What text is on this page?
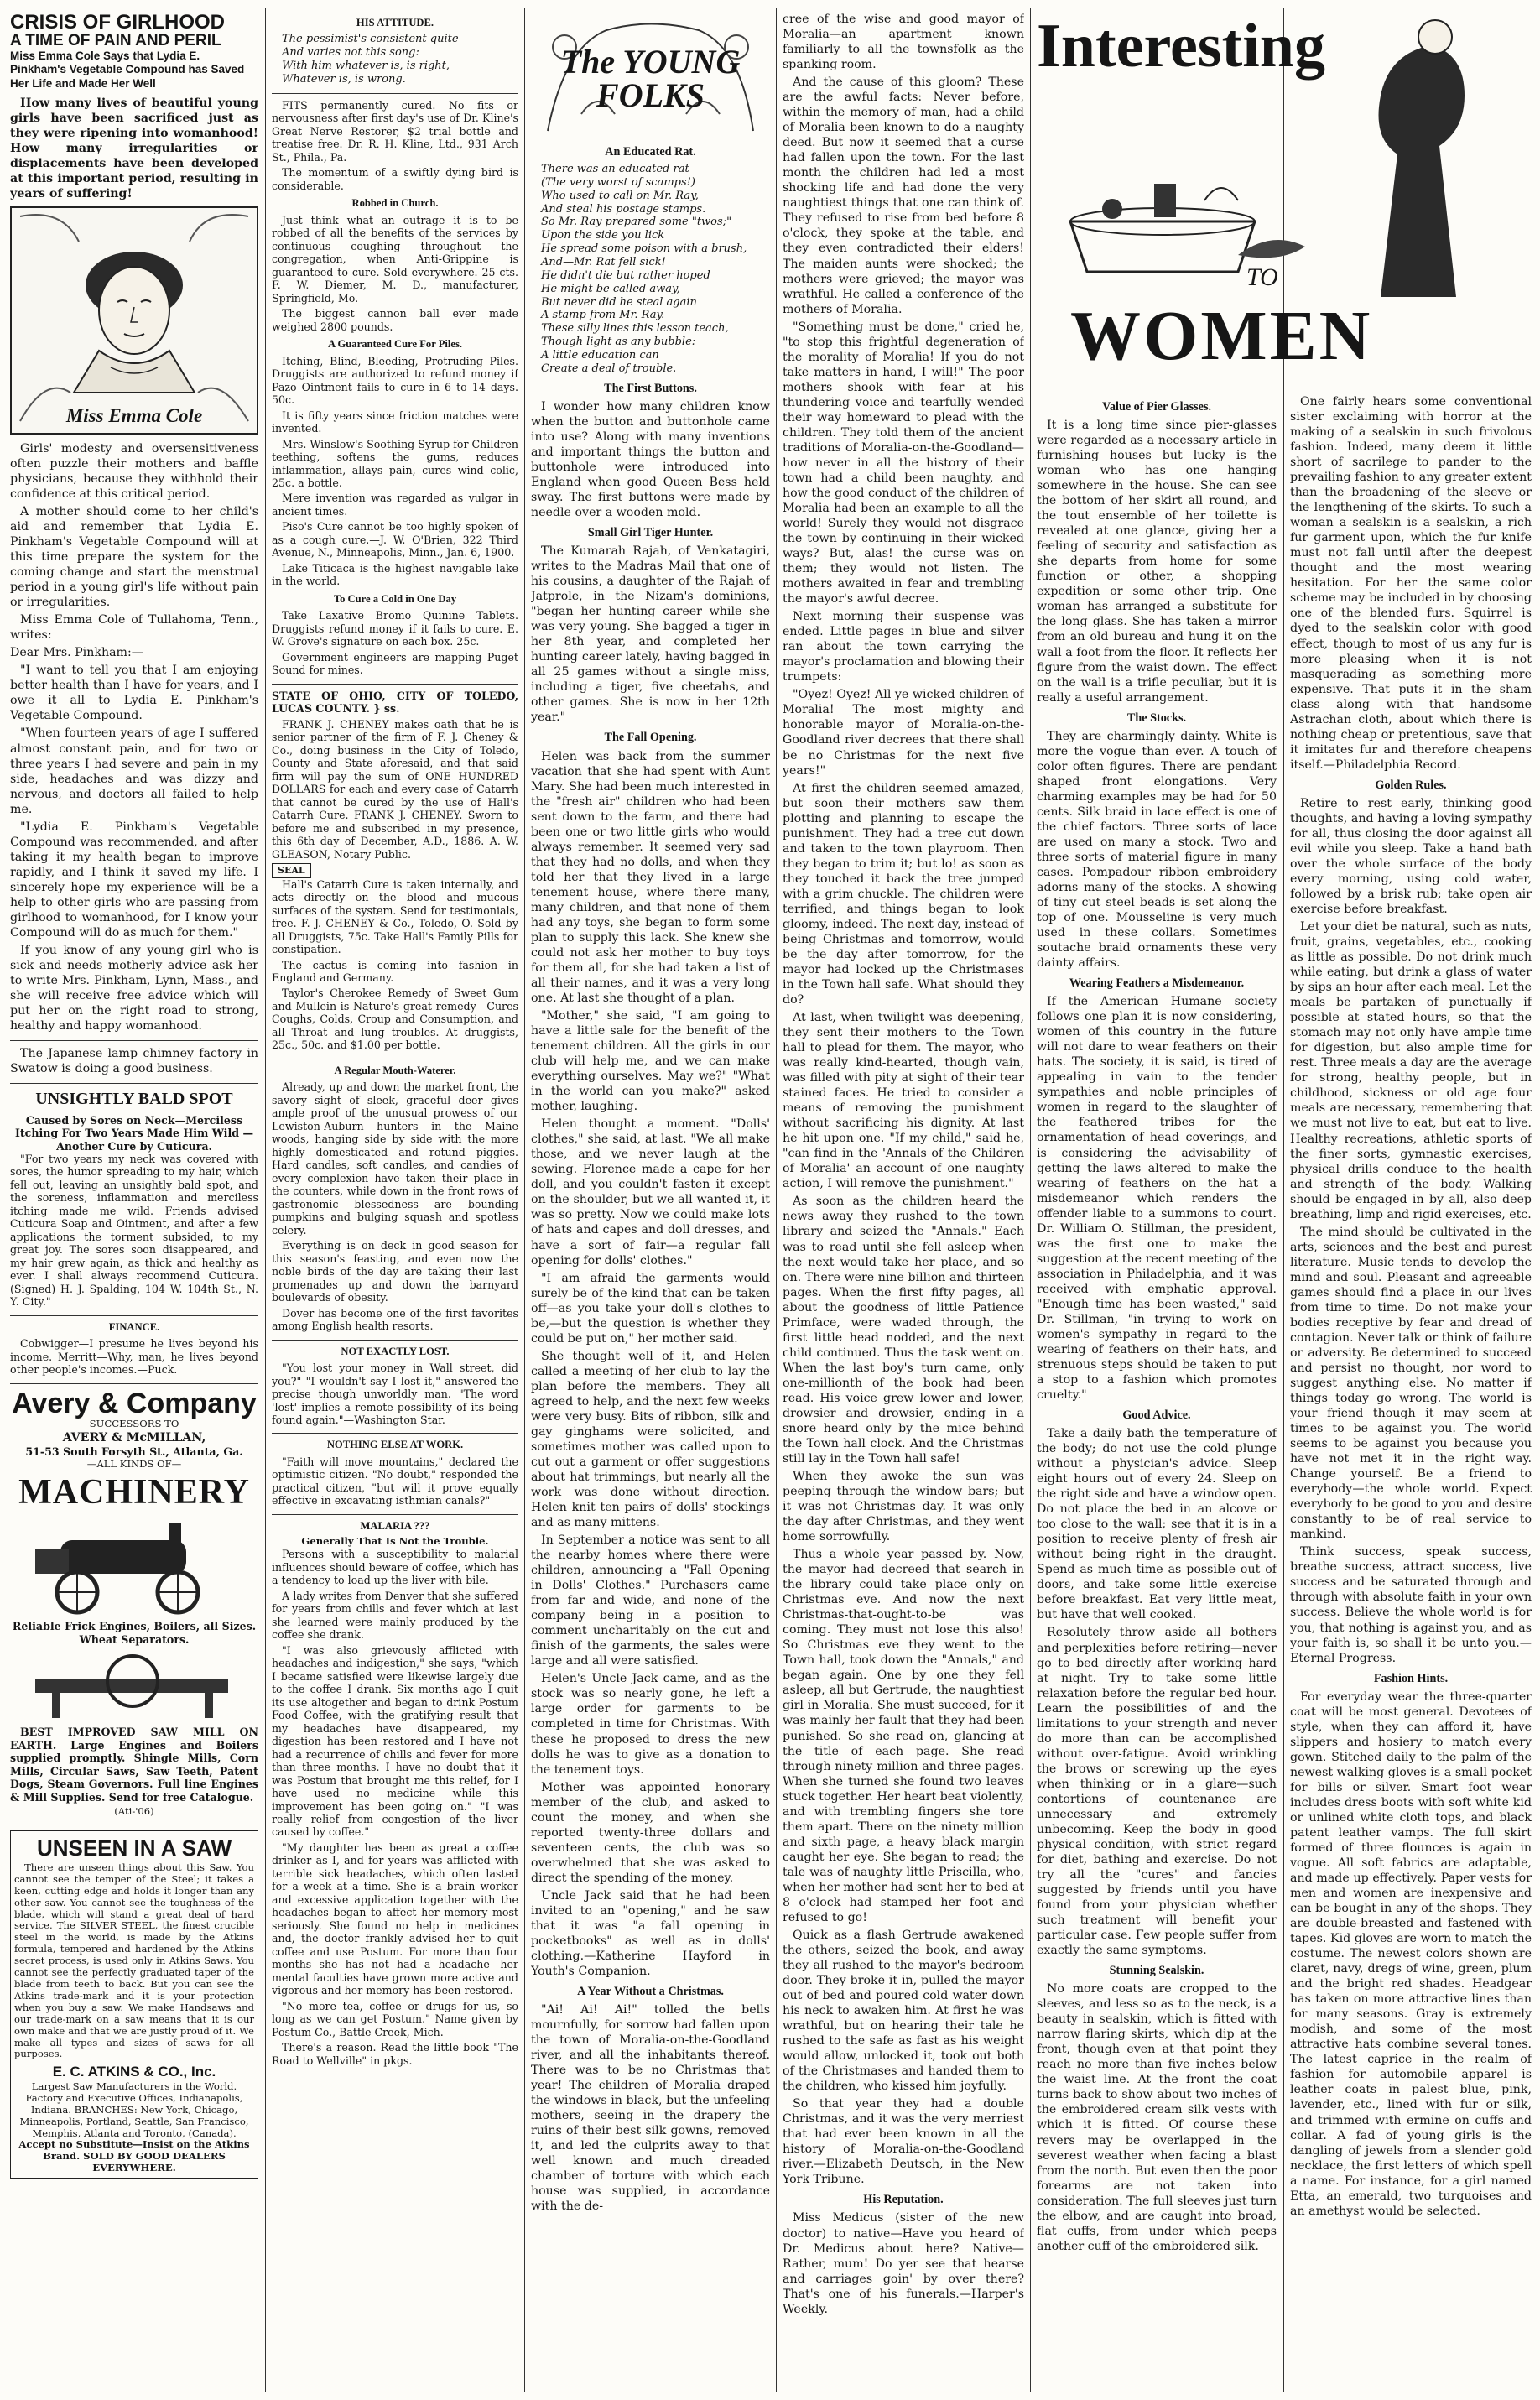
CRISIS OF GIRLHOOD
A TIME OF PAIN AND PERIL
Miss Emma Cole Says that Lydia E. Pinkham's Vegetable Compound has Saved Her Life and Made Her Well

How many lives of beautiful young girls have been sacrificed just as they were ripening into womanhood! How many irregularities or displacements have been developed at this important period, resulting in years of suffering!

Miss Emma Cole

Girls' modesty and oversensitiveness often puzzle their mothers and baffle physicians, because they withhold their confidence at this critical period.

A mother should come to her child's aid and remember that Lydia E. Pinkham's Vegetable Compound will at this time prepare the system for the coming change and start the menstrual period in a young girl's life without pain or irregularities.

Miss Emma Cole of Tullahoma, Tenn., writes:

Dear Mrs. Pinkham:—

"I want to tell you that I am enjoying better health than I have for years, and I owe it all to Lydia E. Pinkham's Vegetable Compound.

"When fourteen years of age I suffered almost constant pain, and for two or three years I had severe and pain in my side, headaches and was dizzy and nervous, and doctors all failed to help me.

"Lydia E. Pinkham's Vegetable Compound was recommended, and after taking it my health began to improve rapidly, and I think it saved my life. I sincerely hope my experience will be a help to other girls who are passing from girlhood to womanhood, for I know your Compound will do as much for them."

If you know of any young girl who is sick and needs motherly advice ask her to write Mrs. Pinkham, Lynn, Mass., and she will receive free advice which will put her on the right road to strong, healthy and happy womanhood.

The Japanese lamp chimney factory in Swatow is doing a good business.

UNSIGHTLY BALD SPOT
Caused by Sores on Neck—Merciless Itching For Two Years Made Him Wild —Another Cure by Cuticura.

"For two years my neck was covered with sores, the humor spreading to my hair, which fell out, leaving an unsightly bald spot, and the soreness, inflammation and merciless itching made me wild. Friends advised Cuticura Soap and Ointment, and after a few applications the torment subsided, to my great joy. The sores soon disappeared, and my hair grew again, as thick and healthy as ever. I shall always recommend Cuticura. (Signed) H. J. Spalding, 104 W. 104th St., N. Y. City."

FINANCE.

Cobwigger—I presume he lives beyond his income. Merritt—Why, man, he lives beyond other people's incomes.—Puck.

Avery & Company
SUCCESSORS TO
AVERY & McMILLAN,
51-53 South Forsyth St., Atlanta, Ga.
—ALL KINDS OF—
MACHINERY
Reliable Frick Engines, Boilers, all Sizes. Wheat Separators.

BEST IMPROVED SAW MILL ON EARTH. Large Engines and Boilers supplied promptly. Shingle Mills, Corn Mills, Circular Saws, Saw Teeth, Patent Dogs, Steam Governors. Full line Engines & Mill Supplies. Send for free Catalogue.

(Ati-'06)
UNSEEN IN A SAW

There are unseen things about this Saw. You cannot see the temper of the Steel; it takes a keen, cutting edge and holds it longer than any other saw. You cannot see the toughness of the blade, which will stand a great deal of hard service. The SILVER STEEL, the finest crucible steel in the world, is made by the Atkins formula, tempered and hardened by the Atkins secret process, is used only in Atkins Saws. You cannot see the perfectly graduated taper of the blade from teeth to back. But you can see the Atkins trade-mark and it is your protection when you buy a saw. We make Handsaws and our trade-mark on a saw means that it is our own make and that we are justly proud of it. We make all types and sizes of saws for all purposes.

E. C. ATKINS & CO., Inc.
Largest Saw Manufacturers in the World.
Factory and Executive Offices, Indianapolis, Indiana. BRANCHES: New York, Chicago, Minneapolis, Portland, Seattle, San Francisco, Memphis, Atlanta and Toronto, (Canada).
Accept no Substitute—Insist on the Atkins Brand. SOLD BY GOOD DEALERS EVERYWHERE.
HIS ATTITUDE.
The pessimist's consistent quite
And varies not this song:
With him whatever is, is right,
Whatever is, is wrong.

FITS permanently cured. No fits or nervousness after first day's use of Dr. Kline's Great Nerve Restorer, $2 trial bottle and treatise free. Dr. R. H. Kline, Ltd., 931 Arch St., Phila., Pa.

The momentum of a swiftly dying bird is considerable.

Robbed in Church.

Just think what an outrage it is to be robbed of all the benefits of the services by continuous coughing throughout the congregation, when Anti-Grippine is guaranteed to cure. Sold everywhere. 25 cts. F. W. Diemer, M. D., manufacturer, Springfield, Mo.

The biggest cannon ball ever made weighed 2800 pounds.

A Guaranteed Cure For Piles.

Itching, Blind, Bleeding, Protruding Piles. Druggists are authorized to refund money if Pazo Ointment fails to cure in 6 to 14 days. 50c.

It is fifty years since friction matches were invented.

Mrs. Winslow's Soothing Syrup for Children teething, softens the gums, reduces inflammation, allays pain, cures wind colic, 25c. a bottle.

Mere invention was regarded as vulgar in ancient times.

Piso's Cure cannot be too highly spoken of as a cough cure.—J. W. O'Brien, 322 Third Avenue, N., Minneapolis, Minn., Jan. 6, 1900.

Lake Titicaca is the highest navigable lake in the world.

To Cure a Cold in One Day

Take Laxative Bromo Quinine Tablets. Druggists refund money if it fails to cure. E. W. Grove's signature on each box. 25c.

Government engineers are mapping Puget Sound for mines.

STATE OF OHIO, CITY OF TOLEDO, LUCAS COUNTY. } ss.

FRANK J. CHENEY makes oath that he is senior partner of the firm of F. J. Cheney & Co., doing business in the City of Toledo, County and State aforesaid, and that said firm will pay the sum of ONE HUNDRED DOLLARS for each and every case of Catarrh that cannot be cured by the use of Hall's Catarrh Cure. FRANK J. CHENEY. Sworn to before me and subscribed in my presence, this 6th day of December, A.D., 1886. A. W. GLEASON, Notary Public.

SEAL

Hall's Catarrh Cure is taken internally, and acts directly on the blood and mucous surfaces of the system. Send for testimonials, free. F. J. CHENEY & Co., Toledo, O. Sold by all Druggists, 75c. Take Hall's Family Pills for constipation.

The cactus is coming into fashion in England and Germany.

Taylor's Cherokee Remedy of Sweet Gum and Mullein is Nature's great remedy—Cures Coughs, Colds, Croup and Consumption, and all Throat and lung troubles. At druggists, 25c., 50c. and $1.00 per bottle.

A Regular Mouth-Waterer.

Already, up and down the market front, the savory sight of sleek, graceful deer gives ample proof of the unusual prowess of our Lewiston-Auburn hunters in the Maine woods, hanging side by side with the more highly domesticated and rotund piggies. Hard candles, soft candles, and candies of every complexion have taken their place in the counters, while down in the front rows of gastronomic blessedness are bounding pumpkins and bulging squash and spotless celery.

Everything is on deck in good season for this season's feasting, and even now the noble birds of the day are taking their last promenades up and down the barnyard boulevards of obesity.

Dover has become one of the first favorites among English health resorts.

NOT EXACTLY LOST.

"You lost your money in Wall street, did you?" "I wouldn't say I lost it," answered the precise though unworldly man. "The word 'lost' implies a remote possibility of its being found again."—Washington Star.

NOTHING ELSE AT WORK.

"Faith will move mountains," declared the optimistic citizen. "No doubt," responded the practical citizen, "but will it prove equally effective in excavating isthmian canals?"

MALARIA ???
Generally That Is Not the Trouble.

Persons with a susceptibility to malarial influences should beware of coffee, which has a tendency to load up the liver with bile.

A lady writes from Denver that she suffered for years from chills and fever which at last she learned were mainly produced by the coffee she drank.

"I was also grievously afflicted with headaches and indigestion," she says, "which I became satisfied were likewise largely due to the coffee I drank. Six months ago I quit its use altogether and began to drink Postum Food Coffee, with the gratifying result that my headaches have disappeared, my digestion has been restored and I have not had a recurrence of chills and fever for more than three months. I have no doubt that it was Postum that brought me this relief, for I have used no medicine while this improvement has been going on." "I was really relief from congestion of the liver caused by coffee."

"My daughter has been as great a coffee drinker as I, and for years was afflicted with terrible sick headaches, which often lasted for a week at a time. She is a brain worker and excessive application together with the headaches began to affect her memory most seriously. She found no help in medicines and, the doctor frankly advised her to quit coffee and use Postum. For more than four months she has not had a headache—her mental faculties have grown more active and vigorous and her memory has been restored.

"No more tea, coffee or drugs for us, so long as we can get Postum." Name given by Postum Co., Battle Creek, Mich.

There's a reason. Read the little book "The Road to Wellville" in pkgs.

The YOUNG FOLKS
An Educated Rat.
There was an educated rat
(The very worst of scamps!)
Who used to call on Mr. Ray,
And steal his postage stamps.
So Mr. Ray prepared some "twos;"
Upon the side you lick
He spread some poison with a brush,
And—Mr. Rat fell sick!
He didn't die but rather hoped
He might be called away,
But never did he steal again
A stamp from Mr. Ray.
These silly lines this lesson teach,
Though light as any bubble:
A little education can
Create a deal of trouble.
The First Buttons.

I wonder how many children know when the button and buttonhole came into use? Along with many inventions and important things the button and buttonhole were introduced into England when good Queen Bess held sway. The first buttons were made by needle over a wooden mold.

Small Girl Tiger Hunter.

The Kumarah Rajah, of Venkatagiri, writes to the Madras Mail that one of his cousins, a daughter of the Rajah of Jatprole, in the Nizam's dominions, "began her hunting career while she was very young. She bagged a tiger in her 8th year, and completed her hunting career lately, having bagged in all 25 games without a single miss, including a tiger, five cheetahs, and other games. She is now in her 12th year."

The Fall Opening.

Helen was back from the summer vacation that she had spent with Aunt Mary. She had been much interested in the "fresh air" children who had been sent down to the farm, and there had been one or two little girls who would always remember. It seemed very sad that they had no dolls, and when they told her that they lived in a large tenement house, where there many, many children, and that none of them had any toys, she began to form some plan to supply this lack. She knew she could not ask her mother to buy toys for them all, for she had taken a list of all their names, and it was a very long one. At last she thought of a plan.

"Mother," she said, "I am going to have a little sale for the benefit of the tenement children. All the girls in our club will help me, and we can make everything ourselves. May we?" "What in the world can you make?" asked mother, laughing.

Helen thought a moment. "Dolls' clothes," she said, at last. "We all make those, and we never laugh at the sewing. Florence made a cape for her doll, and you couldn't fasten it except on the shoulder, but we all wanted it, it was so pretty. Now we could make lots of hats and capes and doll dresses, and have a sort of fair—a regular fall opening for dolls' clothes."

"I am afraid the garments would surely be of the kind that can be taken off—as you take your doll's clothes to be,—but the question is whether they could be put on," her mother said.

She thought well of it, and Helen called a meeting of her club to lay the plan before the members. They all agreed to help, and the next few weeks were very busy. Bits of ribbon, silk and gay ginghams were solicited, and sometimes mother was called upon to cut out a garment or offer suggestions about hat trimmings, but nearly all the work was done without direction. Helen knit ten pairs of dolls' stockings and as many mittens.

In September a notice was sent to all the nearby homes where there were children, announcing a "Fall Opening in Dolls' Clothes." Purchasers came from far and wide, and none of the company being in a position to comment uncharitably on the cut and finish of the garments, the sales were large and all were satisfied.

Helen's Uncle Jack came, and as the stock was so nearly gone, he left a large order for garments to be completed in time for Christmas. With these he proposed to dress the new dolls he was to give as a donation to the tenement toys.

Mother was appointed honorary member of the club, and asked to count the money, and when she reported twenty-three dollars and seventeen cents, the club was so overwhelmed that she was asked to direct the spending of the money.

Uncle Jack said that he had been invited to an "opening," and he saw that it was "a fall opening in pocketbooks" as well as in dolls' clothing.—Katherine Hayford in Youth's Companion.

A Year Without a Christmas.

"Ai! Ai! Ai!" tolled the bells mournfully, for sorrow had fallen upon the town of Moralia-on-the-Goodland river, and all the inhabitants thereof. There was to be no Christmas that year! The children of Moralia draped the windows in black, but the unfeeling mothers, seeing in the drapery the ruins of their best silk gowns, removed it, and led the culprits away to that well known and much dreaded chamber of torture with which each house was supplied, in accordance with the de-

cree of the wise and good mayor of Moralia—an apartment known familiarly to all the townsfolk as the spanking room.

And the cause of this gloom? These are the awful facts: Never before, within the memory of man, had a child of Moralia been known to do a naughty deed. But now it seemed that a curse had fallen upon the town. For the last month the children had led a most shocking life and had done the very naughtiest things that one can think of. They refused to rise from bed before 8 o'clock, they spoke at the table, and they even contradicted their elders! The maiden aunts were shocked; the mothers were grieved; the mayor was wrathful. He called a conference of the mothers of Moralia.

"Something must be done," cried he, "to stop this frightful degeneration of the morality of Moralia! If you do not take matters in hand, I will!" The poor mothers shook with fear at his thundering voice and tearfully wended their way homeward to plead with the children. They told them of the ancient traditions of Moralia-on-the-Goodland—how never in all the history of their town had a child been naughty, and how the good conduct of the children of Moralia had been an example to all the world! Surely they would not disgrace the town by continuing in their wicked ways? But, alas! the curse was on them; they would not listen. The mothers awaited in fear and trembling the mayor's awful decree.

Next morning their suspense was ended. Little pages in blue and silver ran about the town carrying the mayor's proclamation and blowing their trumpets:

"Oyez! Oyez! All ye wicked children of Moralia! The most mighty and honorable mayor of Moralia-on-the-Goodland river decrees that there shall be no Christmas for the next five years!"

At first the children seemed amazed, but soon their mothers saw them plotting and planning to escape the punishment. They had a tree cut down and taken to the town playroom. Then they began to trim it; but lo! as soon as they touched it back the tree jumped with a grim chuckle. The children were terrified, and things began to look gloomy, indeed. The next day, instead of being Christmas and tomorrow, would be the day after tomorrow, for the mayor had locked up the Christmases in the Town hall safe. What should they do?

At last, when twilight was deepening, they sent their mothers to the Town hall to plead for them. The mayor, who was really kind-hearted, though vain, was filled with pity at sight of their tear stained faces. He tried to consider a means of removing the punishment without sacrificing his dignity. At last he hit upon one. "If my child," said he, "can find in the 'Annals of the Children of Moralia' an account of one naughty action, I will remove the punishment."

As soon as the children heard the news away they rushed to the town library and seized the "Annals." Each was to read until she fell asleep when the next would take her place, and so on. There were nine billion and thirteen pages. When the first fifty pages, all about the goodness of little Patience Primface, were waded through, the first little head nodded, and the next child continued. Thus the task went on. When the last boy's turn came, only one-millionth of the book had been read. His voice grew lower and lower, drowsier and drowsier, ending in a snore heard only by the mice behind the Town hall clock. And the Christmas still lay in the Town hall safe!

When they awoke the sun was peeping through the window bars; but it was not Christmas day. It was only the day after Christmas, and they went home sorrowfully.

Thus a whole year passed by. Now, the mayor had decreed that search in the library could take place only on Christmas eve. And now the next Christmas-that-ought-to-be was coming. They must not lose this also! So Christmas eve they went to the Town hall, took down the "Annals," and began again. One by one they fell asleep, all but Gertrude, the naughtiest girl in Moralia. She must succeed, for it was mainly her fault that they had been punished. So she read on, glancing at the title of each page. She read through ninety million and three pages. When she turned she found two leaves stuck together. Her heart beat violently, and with trembling fingers she tore them apart. There on the ninety million and sixth page, a heavy black margin caught her eye. She began to read; the tale was of naughty little Priscilla, who, when her mother had sent her to bed at 8 o'clock had stamped her foot and refused to go!

Quick as a flash Gertrude awakened the others, seized the book, and away they all rushed to the mayor's bedroom door. They broke it in, pulled the mayor out of bed and poured cold water down his neck to awaken him. At first he was wrathful, but on hearing their tale he rushed to the safe as fast as his weight would allow, unlocked it, took out both of the Christmases and handed them to the children, who kissed him joyfully.

So that year they had a double Christmas, and it was the very merriest that had ever been known in all the history of Moralia-on-the-Goodland river.—Elizabeth Deutsch, in the New York Tribune.

His Reputation.

Miss Medicus (sister of the new doctor) to native—Have you heard of Dr. Medicus about here? Native—Rather, mum! Do yer see that hearse and carriages goin' by over there? That's one of his funerals.—Harper's Weekly.

Value of Pier Glasses.

It is a long time since pier-glasses were regarded as a necessary article in furnishing houses but lucky is the woman who has one hanging somewhere in the house. She can see the bottom of her skirt all round, and the tout ensemble of her toilette is revealed at one glance, giving her a feeling of security and satisfaction as she departs from home for some function or other, a shopping expedition or some other trip. One woman has arranged a substitute for the long glass. She has taken a mirror from an old bureau and hung it on the wall a foot from the floor. It reflects her figure from the waist down. The effect on the wall is a trifle peculiar, but it is really a useful arrangement.

The Stocks.

They are charmingly dainty. White is more the vogue than ever. A touch of color often figures. There are pendant shaped front elongations. Very charming examples may be had for 50 cents. Silk braid in lace effect is one of the chief factors. Three sorts of lace are used on many a stock. Two and three sorts of material figure in many cases. Pompadour ribbon embroidery adorns many of the stocks. A showing of tiny cut steel beads is set along the top of one. Mousseline is very much used in these collars. Sometimes soutache braid ornaments these very dainty affairs.

Wearing Feathers a Misdemeanor.

If the American Humane society follows one plan it is now considering, women of this country in the future will not dare to wear feathers on their hats. The society, it is said, is tired of appealing in vain to the tender sympathies and noble principles of women in regard to the slaughter of the feathered tribes for the ornamentation of head coverings, and is considering the advisability of getting the laws altered to make the wearing of feathers on the hat a misdemeanor which renders the offender liable to a summons to court. Dr. William O. Stillman, the president, was the first one to make the suggestion at the recent meeting of the association in Philadelphia, and it was received with emphatic approval. "Enough time has been wasted," said Dr. Stillman, "in trying to work on women's sympathy in regard to the wearing of feathers on their hats, and strenuous steps should be taken to put a stop to a fashion which promotes cruelty."

Good Advice.

Take a daily bath the temperature of the body; do not use the cold plunge without a physician's advice. Sleep eight hours out of every 24. Sleep on the right side and have a window open. Do not place the bed in an alcove or too close to the wall; see that it is in a position to receive plenty of fresh air without being right in the draught. Spend as much time as possible out of doors, and take some little exercise before breakfast. Eat very little meat, but have that well cooked.

Resolutely throw aside all bothers and perplexities before retiring—never go to bed directly after working hard at night. Try to take some little relaxation before the regular bed hour. Learn the possibilities of and the limitations to your strength and never do more than can be accomplished without over-fatigue. Avoid wrinkling the brows or screwing up the eyes when thinking or in a glare—such contortions of countenance are unnecessary and extremely unbecoming. Keep the body in good physical condition, with strict regard for diet, bathing and exercise. Do not try all the "cures" and fancies suggested by friends until you have found from your physician whether such treatment will benefit your particular case. Few people suffer from exactly the same symptoms.

Stunning Sealskin.

No more coats are cropped to the sleeves, and less so as to the neck, is a beauty in sealskin, which is fitted with narrow flaring skirts, which dip at the front, though even at that point they reach no more than five inches below the waist line. At the front the coat turns back to show about two inches of the embroidered cream silk vests with which it is fitted. Of course these revers may be overlapped in the severest weather when facing a blast from the north. But even then the poor forearms are not taken into consideration. The full sleeves just turn the elbow, and are caught into broad, flat cuffs, from under which peeps another cuff of the embroidered silk.

Interesting
TO
WOMEN

One fairly hears some conventional sister exclaiming with horror at the making of a sealskin in such frivolous fashion. Indeed, many deem it little short of sacrilege to pander to the prevailing fashion to any greater extent than the broadening of the sleeve or the lengthening of the skirts. To such a woman a sealskin is a sealskin, a rich fur garment upon, which the fur knife must not fall until after the deepest thought and the most wearing hesitation. For her the same color scheme may be included in by choosing one of the blended furs. Squirrel is dyed to the sealskin color with good effect, though to most of us any fur is more pleasing when it is not masquerading as something more expensive. That puts it in the sham class along with that handsome Astrachan cloth, about which there is nothing cheap or pretentious, save that it imitates fur and therefore cheapens itself.—Philadelphia Record.

Golden Rules.

Retire to rest early, thinking good thoughts, and having a loving sympathy for all, thus closing the door against all evil while you sleep. Take a hand bath over the whole surface of the body every morning, using cold water, followed by a brisk rub; take open air exercise before breakfast.

Let your diet be natural, such as nuts, fruit, grains, vegetables, etc., cooking as little as possible. Do not drink much while eating, but drink a glass of water by sips an hour after each meal. Let the meals be partaken of punctually if possible at stated hours, so that the stomach may not only have ample time for digestion, but also ample time for rest. Three meals a day are the average for strong, healthy people, but in childhood, sickness or old age four meals are necessary, remembering that we must not live to eat, but eat to live. Healthy recreations, athletic sports of the finer sorts, gymnastic exercises, physical drills conduce to the health and strength of the body. Walking should be engaged in by all, also deep breathing, limp and rigid exercises, etc.

The mind should be cultivated in the arts, sciences and the best and purest literature. Music tends to develop the mind and soul. Pleasant and agreeable games should find a place in our lives from time to time. Do not make your bodies receptive by fear and dread of contagion. Never talk or think of failure or adversity. Be determined to succeed and persist no thought, nor word to suggest anything else. No matter if things today go wrong. The world is your friend though it may seem at times to be against you. The world seems to be against you because you have not met it in the right way. Change yourself. Be a friend to everybody—the whole world. Expect everybody to be good to you and desire constantly to be of real service to mankind.

Think success, speak success, breathe success, attract success, live success and be saturated through and through with absolute faith in your own success. Believe the whole world is for you, that nothing is against you, and as your faith is, so shall it be unto you.—Eternal Progress.

Fashion Hints.

For everyday wear the three-quarter coat will be most general. Devotees of style, when they can afford it, have slippers and hosiery to match every gown. Stitched daily to the palm of the newest walking gloves is a small pocket for bills or silver. Smart foot wear includes dress boots with soft white kid or unlined white cloth tops, and black patent leather vamps. The full skirt formed of three flounces is again in vogue. All soft fabrics are adaptable, and made up effectively. Paper vests for men and women are inexpensive and can be bought in any of the shops. They are double-breasted and fastened with tapes. Kid gloves are worn to match the costume. The newest colors shown are claret, navy, dregs of wine, green, plum and the bright red shades. Headgear has taken on more attractive lines than for many seasons. Gray is extremely modish, and some of the most attractive hats combine several tones. The latest caprice in the realm of fashion for automobile apparel is leather coats in palest blue, pink, lavender, etc., lined with fur or silk, and trimmed with ermine on cuffs and collar. A fad of young girls is the dangling of jewels from a slender gold necklace, the first letters of which spell a name. For instance, for a girl named Etta, an emerald, two turquoises and an amethyst would be selected.
